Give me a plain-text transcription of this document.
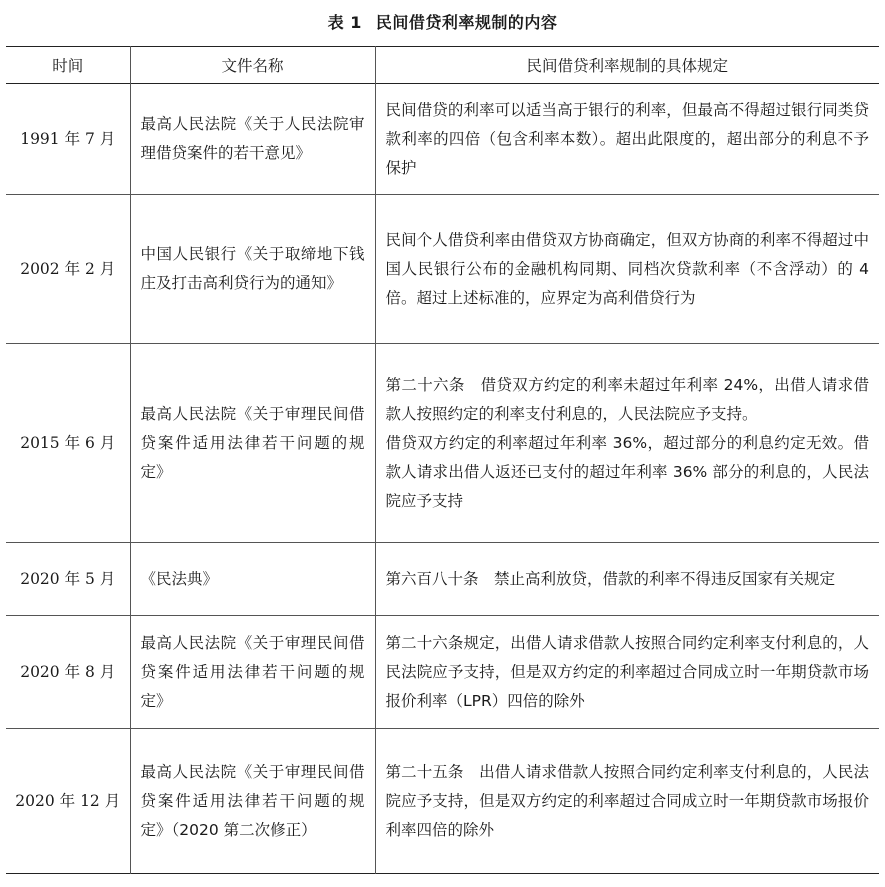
表 1 民间借贷利率规制的内容
时间	文件名称	民间借贷利率规制的具体规定
1991 年 7 月	最高人民法院《关于人民法院审理借贷案件的若干意见》	民间借贷的利率可以适当高于银行的利率，但最高不得超过银行同类贷款利率的四倍（包含利率本数）。超出此限度的，超出部分的利息不予保护

2002 年 2 月	中国人民银行《关于取缔地下钱庄及打击高利贷行为的通知》	民间个人借贷利率由借贷双方协商确定，但双方协商的利率不得超过中国人民银行公布的金融机构同期、同档次贷款利率（不含浮动）的 4 倍。超过上述标准的，应界定为高利借贷行为

2015 年 6 月	最高人民法院《关于审理民间借贷案件适用法律若干问题的规定》	第二十六条　借贷双方约定的利率未超过年利率 24%，出借人请求借款人按照约定的利率支付利息的，人民法院应予支持。
借贷双方约定的利率超过年利率 36%，超过部分的利息约定无效。借款人请求出借人返还已支付的超过年利率 36% 部分的利息的，人民法院应予支持

2020 年 5 月	《民法典》	第六百八十条　禁止高利放贷，借款的利率不得违反国家有关规定

2020 年 8 月	最高人民法院《关于审理民间借贷案件适用法律若干问题的规定》	第二十六条规定，出借人请求借款人按照合同约定利率支付利息的，人民法院应予支持，但是双方约定的利率超过合同成立时一年期贷款市场报价利率（LPR）四倍的除外

2020 年 12 月	最高人民法院《关于审理民间借贷案件适用法律若干问题的规定》（2020 第二次修正）	第二十五条　出借人请求借款人按照合同约定利率支付利息的，人民法院应予支持，但是双方约定的利率超过合同成立时一年期贷款市场报价利率四倍的除外
